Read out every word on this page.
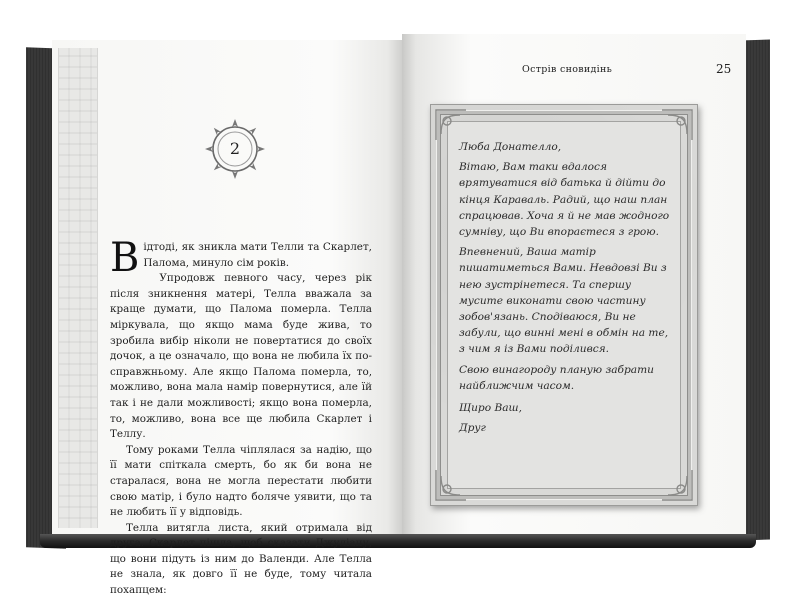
2

Відтоді, як зникла мати Телли та Скарлет, Палома, минуло сім років.

Упродовж певного часу, через рік після зникнення матері, Телла вважала за краще думати, що Палома померла. Телла міркувала, що якщо мама буде жива, то зробила вибір ніколи не повертатися до своїх дочок, а це означало, що вона не любила їх по-справжньому. Але якщо Палома померла, то, можливо, вона мала намір повернутися, але їй так і не дали можливості; якщо вона померла, то, можливо, вона все ще любила Скарлет і Теллу.

Тому роками Телла чіплялася за надію, що її мати спіткала смерть, бо як би вона не старалася, вона не могла перестати любити свою матір, і було надто боляче уявити, що та не любить її у відповідь.

Телла витягла листа, який отримала від друга. Скарлет пішла, щоб сказати Джуліану, що вони підуть із ним до Валенди. Але Телла не знала, як довго її не буде, тому читала похапцем:

Острів сновидінь	25

Люба Донателло,

Вітаю, Вам таки вдалося врятуватися від батька й дійти до кінця Караваль. Радий, що наш план спрацював. Хоча я й не мав жодного сумніву, що Ви впораєтеся з грою.

Впевнений, Ваша матір пишатиметься Вами. Невдовзі Ви з нею зустрінетеся. Та спершу мусите виконати свою частину зобов'язань. Сподіваюся, Ви не забули, що винні мені в обмін на те, з чим я із Вами поділився.

Свою винагороду планую забрати найближчим часом.

Щиро Ваш,

Друг
